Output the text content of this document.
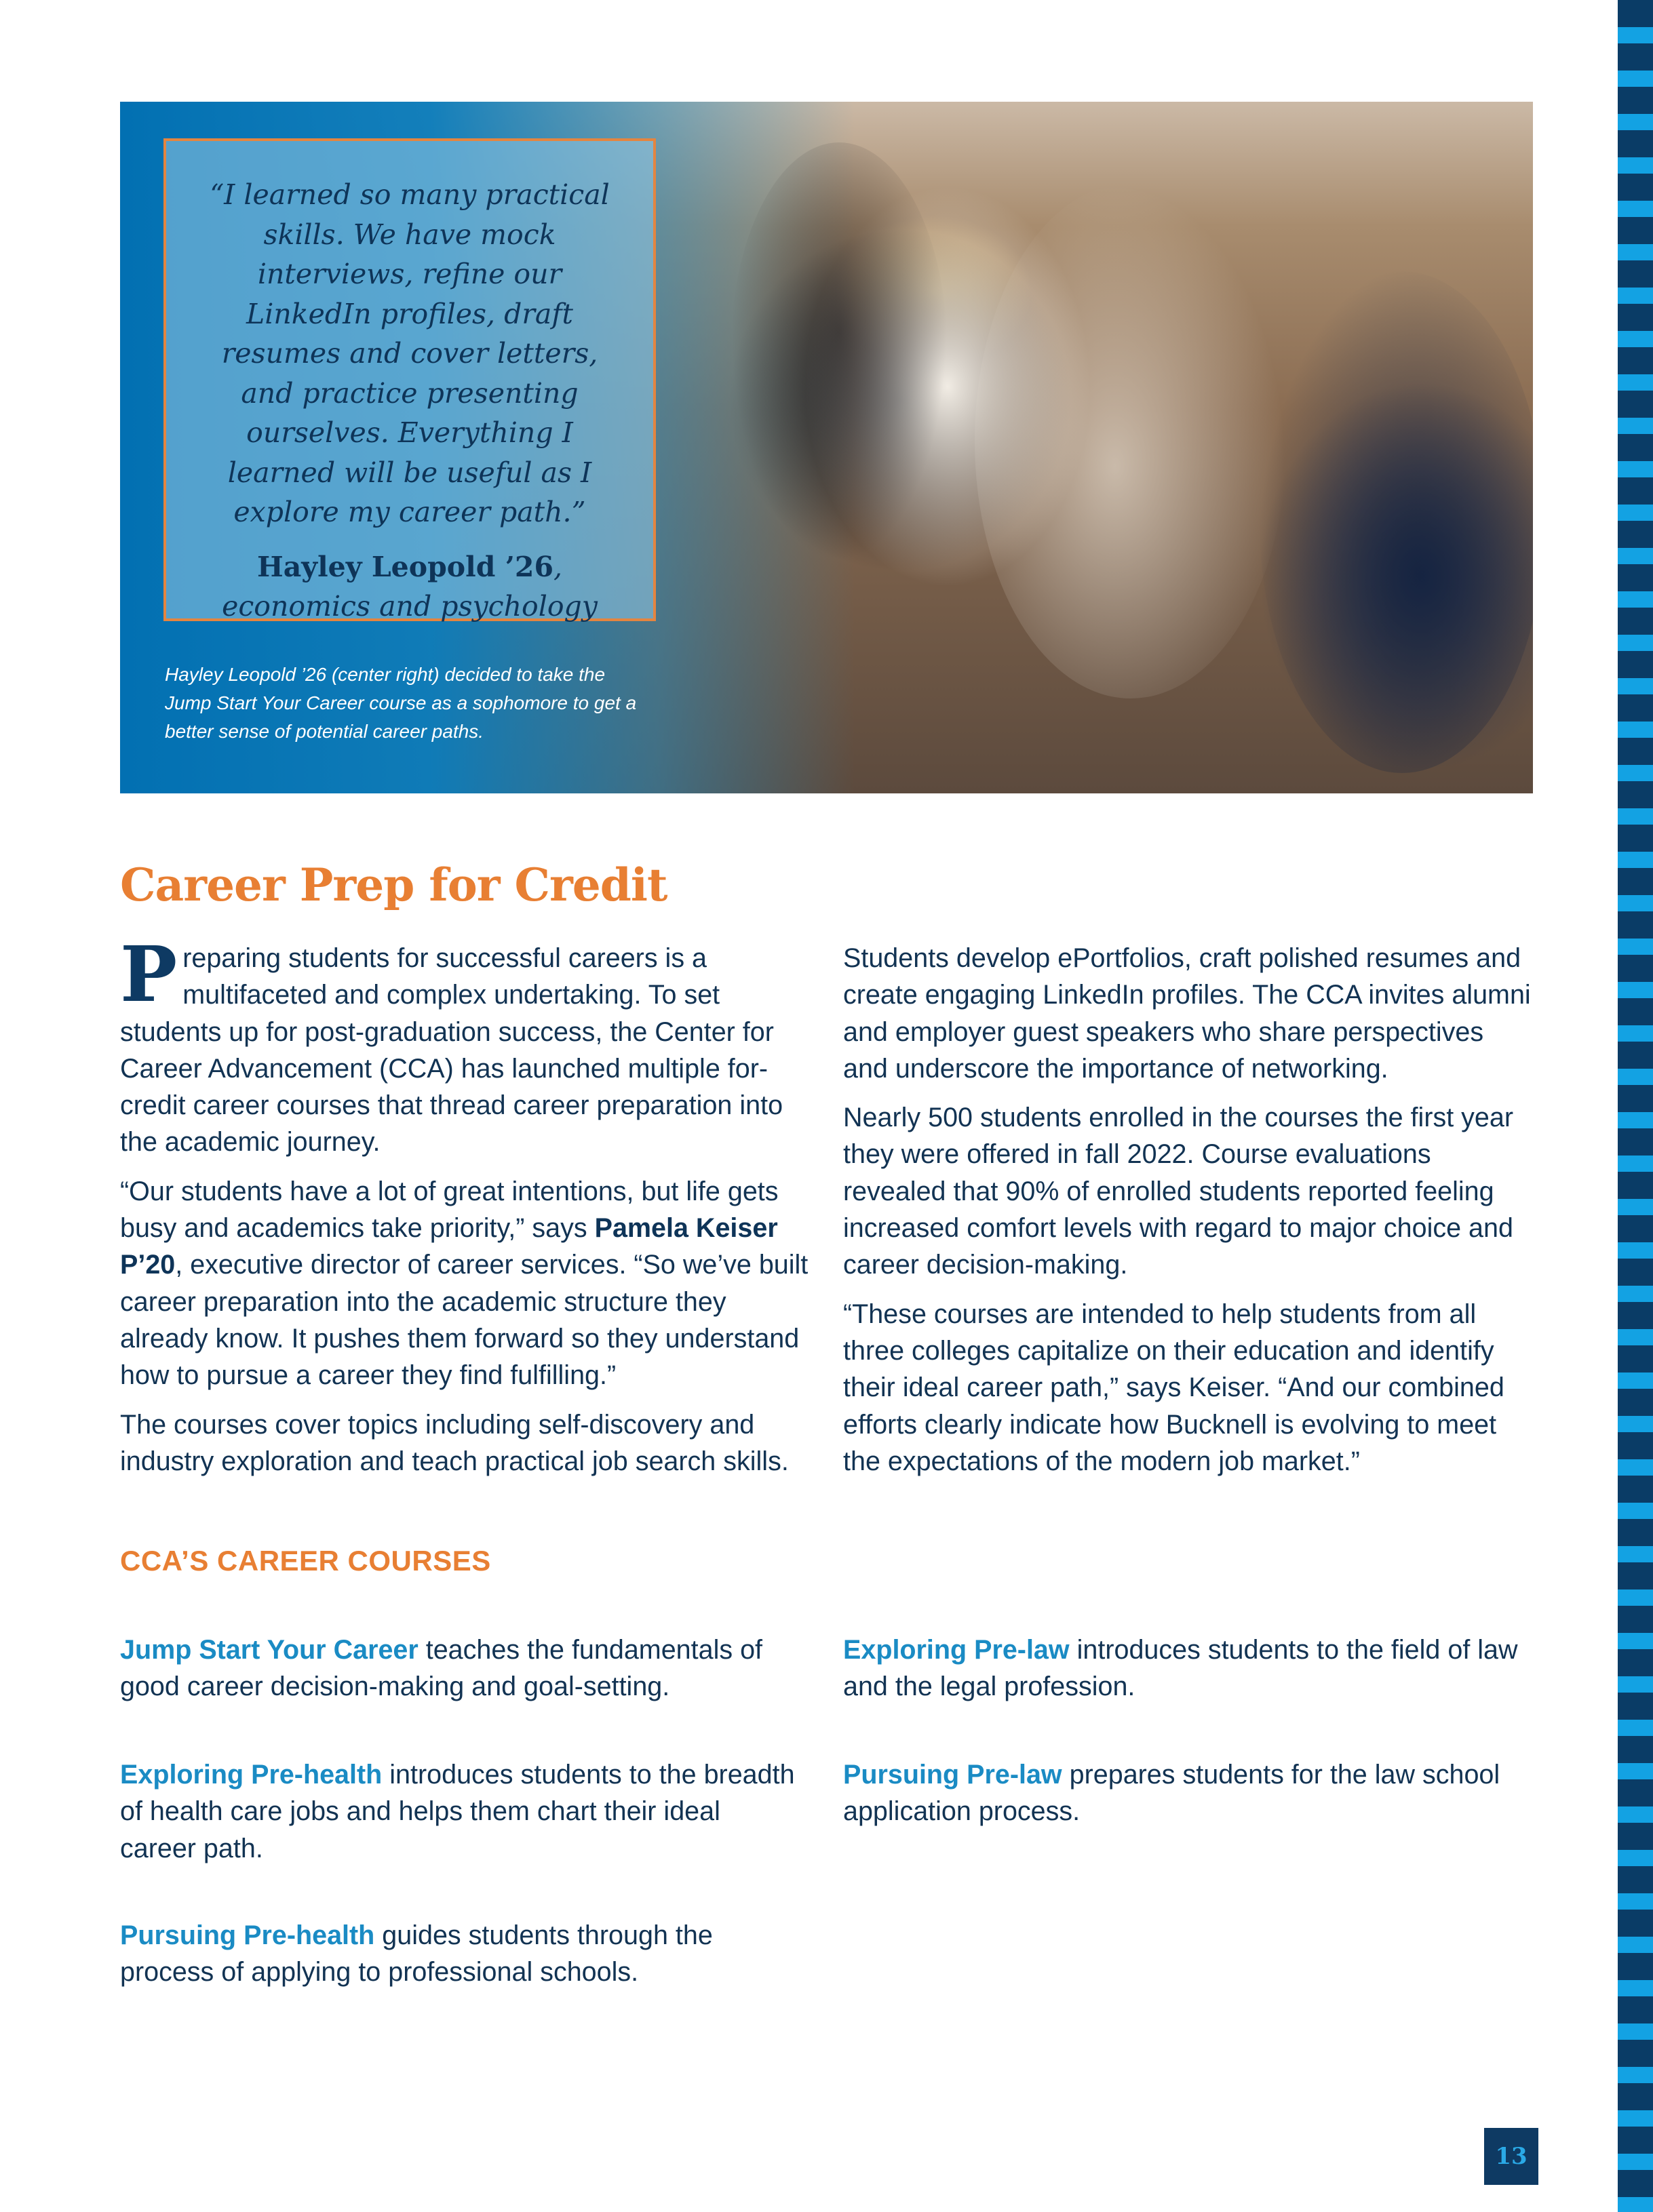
“I learned so many practical skills. We have mock interviews, refine our LinkedIn profiles, draft resumes and cover letters, and practice presenting ourselves. Everything I learned will be useful as I explore my career path.”

Hayley Leopold ’26, economics and psychology

Hayley Leopold ’26 (center right) decided to take the Jump Start Your Career course as a sophomore to get a better sense of potential career paths.

Career Prep for Credit

Preparing students for successful careers is a multifaceted and complex undertaking. To set students up for post-graduation success, the Center for Career Advancement (CCA) has launched multiple for-credit career courses that thread career preparation into the academic journey.

“Our students have a lot of great intentions, but life gets busy and academics take priority,” says Pamela Keiser P’20, executive director of career services. “So we’ve built career preparation into the academic structure they already know. It pushes them forward so they understand how to pursue a career they find fulfilling.”

The courses cover topics including self-discovery and industry exploration and teach practical job search skills.

Students develop ePortfolios, craft polished resumes and create engaging LinkedIn profiles. The CCA invites alumni and employer guest speakers who share perspectives and underscore the importance of networking.

Nearly 500 students enrolled in the courses the first year they were offered in fall 2022. Course evaluations revealed that 90% of enrolled students reported feeling increased comfort levels with regard to major choice and career decision-making.

“These courses are intended to help students from all three colleges capitalize on their education and identify their ideal career path,” says Keiser. “And our combined efforts clearly indicate how Bucknell is evolving to meet the expectations of the modern job market.”

CCA’S CAREER COURSES

Jump Start Your Career teaches the fundamentals of good career decision-making and goal-setting.

Exploring Pre-law introduces students to the field of law and the legal profession.

Exploring Pre-health introduces students to the breadth of health care jobs and helps them chart their ideal career path.

Pursuing Pre-law prepares students for the law school application process.

Pursuing Pre-health guides students through the process of applying to professional schools.

13
